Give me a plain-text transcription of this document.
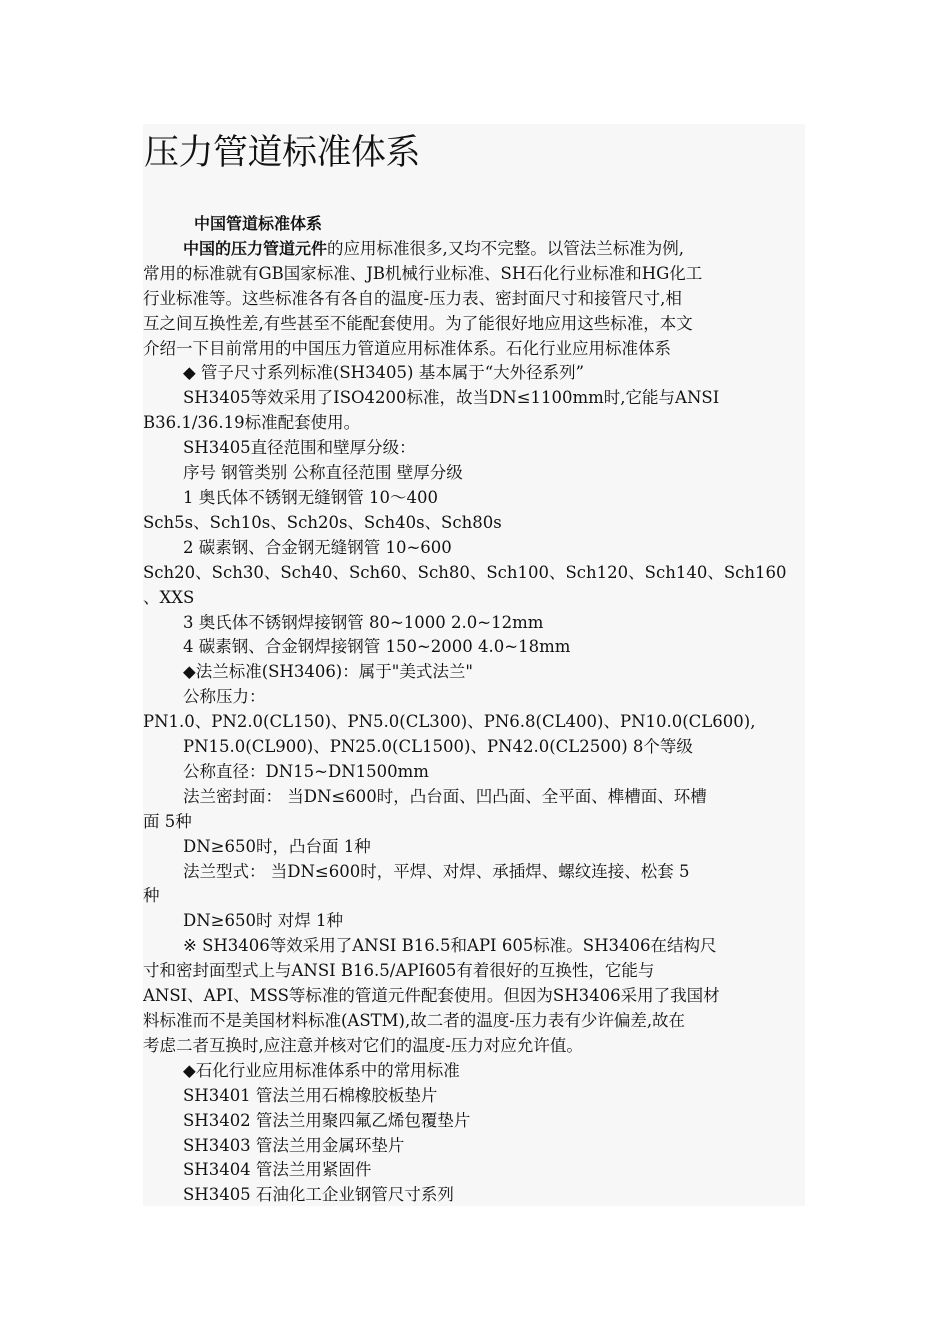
压力管道标准体系

中国管道标准体系

中国的压力管道元件的应用标准很多,又均不完整。以管法兰标准为例,

常用的标准就有GB国家标准、JB机械行业标准、SH石化行业标准和HG化工

行业标准等。这些标准各有各自的温度-压力表、密封面尺寸和接管尺寸,相

互之间互换性差,有些甚至不能配套使用。为了能很好地应用这些标准，本文

介绍一下目前常用的中国压力管道应用标准体系。石化行业应用标准体系

◆ 管子尺寸系列标准(SH3405) 基本属于“大外径系列”

SH3405等效采用了ISO4200标准，故当DN≤1100mm时,它能与ANSI

B36.1/36.19标准配套使用。

SH3405直径范围和壁厚分级：

序号 钢管类别 公称直径范围 壁厚分级

1 奥氏体不锈钢无缝钢管 10～400

Sch5s、Sch10s、Sch20s、Sch40s、Sch80s

2 碳素钢、合金钢无缝钢管 10~600

Sch20、Sch30、Sch40、Sch60、Sch80、Sch100、Sch120、Sch140、Sch160

、XXS

3 奥氏体不锈钢焊接钢管 80~1000 2.0~12mm

4 碳素钢、合金钢焊接钢管 150~2000 4.0~18mm

◆法兰标准(SH3406)：属于"美式法兰"

公称压力：

PN1.0、PN2.0(CL150)、PN5.0(CL300)、PN6.8(CL400)、PN10.0(CL600),

PN15.0(CL900)、PN25.0(CL1500)、PN42.0(CL2500) 8个等级

公称直径：DN15~DN1500mm

法兰密封面： 当DN≤600时，凸台面、凹凸面、全平面、榫槽面、环槽

面 5种

DN≥650时，凸台面 1种

法兰型式： 当DN≤600时，平焊、对焊、承插焊、螺纹连接、松套 5

种

DN≥650时 对焊 1种

※ SH3406等效采用了ANSI B16.5和API 605标准。SH3406在结构尺

寸和密封面型式上与ANSI B16.5/API605有着很好的互换性，它能与

ANSI、API、MSS等标准的管道元件配套使用。但因为SH3406采用了我国材

料标准而不是美国材料标准(ASTM),故二者的温度-压力表有少许偏差,故在

考虑二者互换时,应注意并核对它们的温度-压力对应允许值。

◆石化行业应用标准体系中的常用标准

SH3401 管法兰用石棉橡胶板垫片

SH3402 管法兰用聚四氟乙烯包覆垫片

SH3403 管法兰用金属环垫片

SH3404 管法兰用紧固件

SH3405 石油化工企业钢管尺寸系列
